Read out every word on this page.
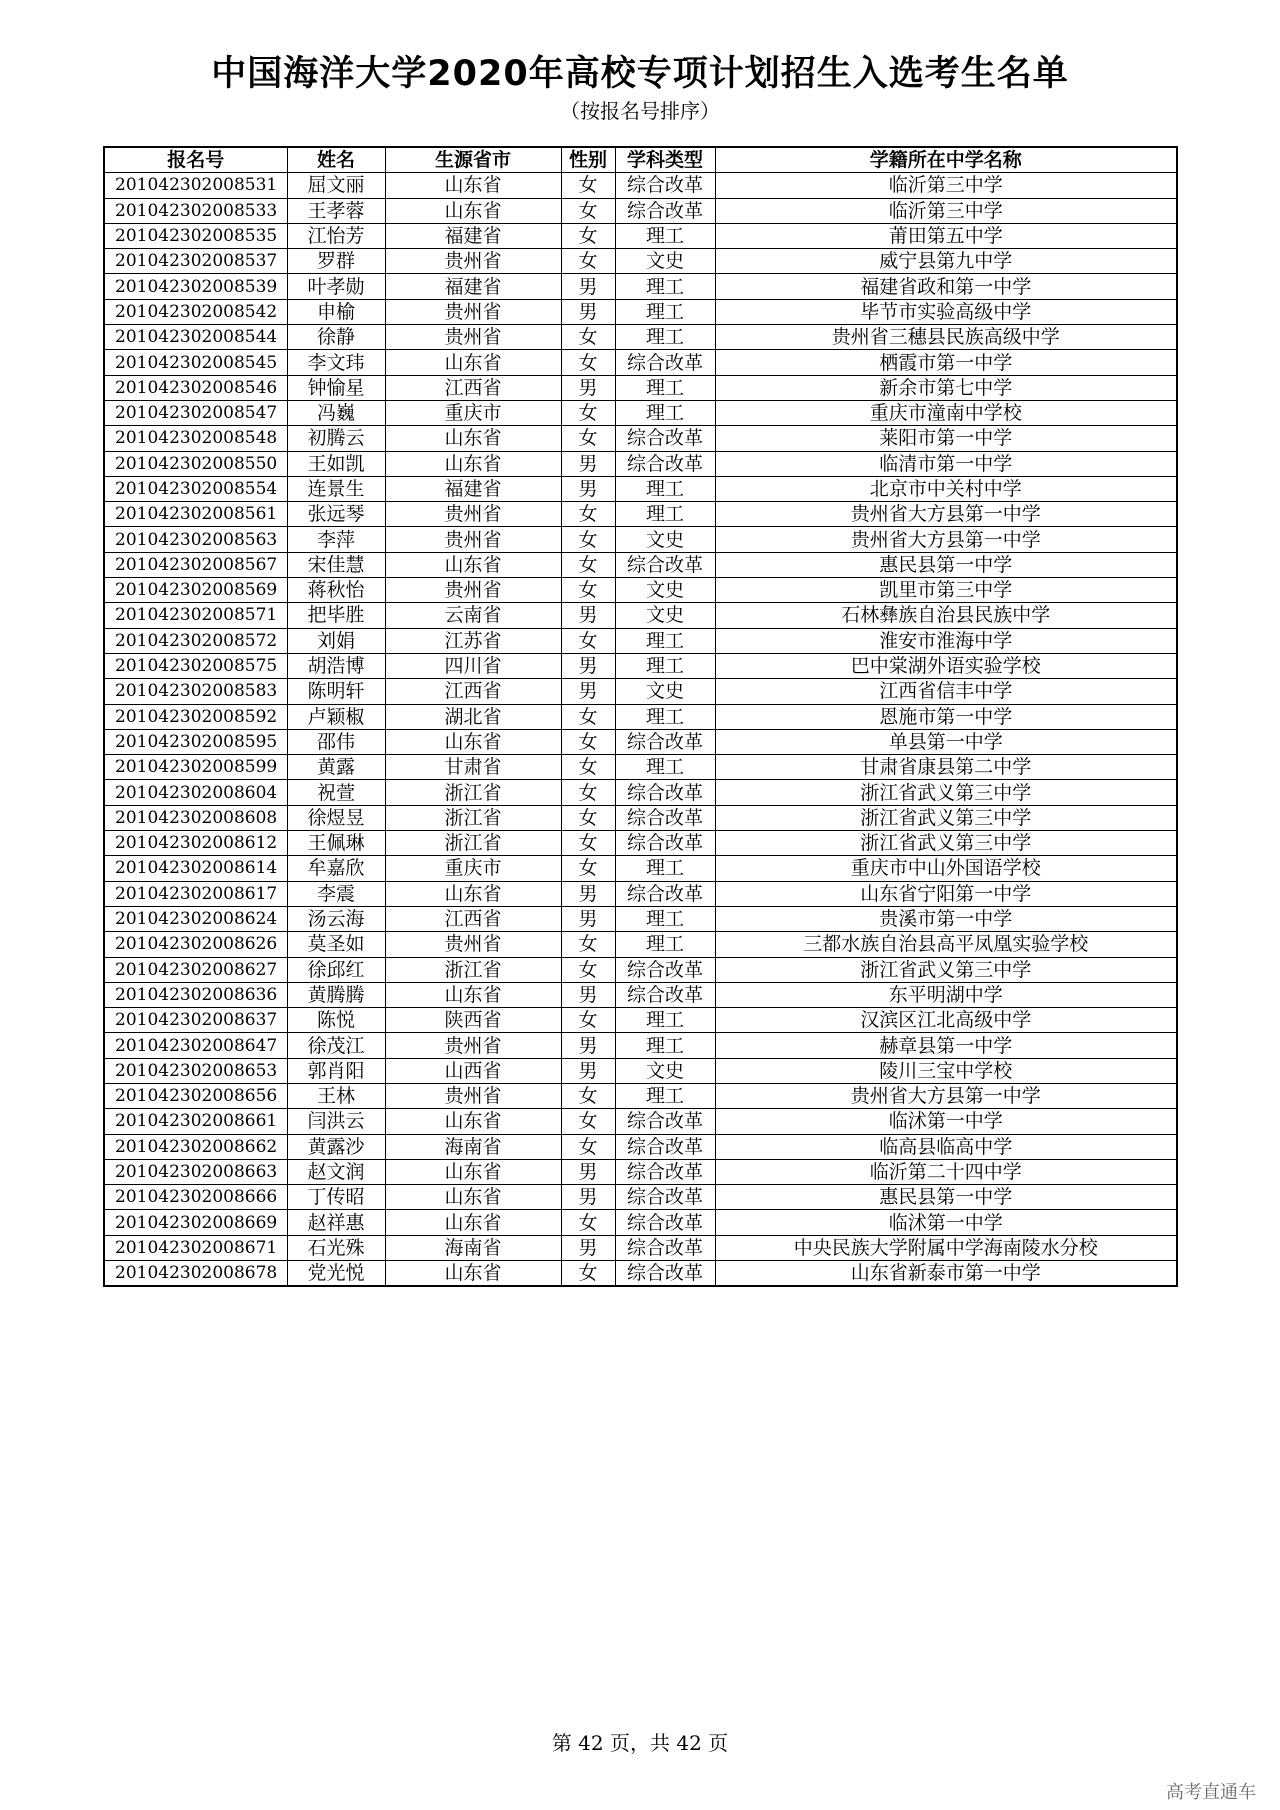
中国海洋大学2020年高校专项计划招生入选考生名单
（按报名号排序）
报名号	姓名	生源省市	性别	学科类型	学籍所在中学名称
201042302008531	屈文丽	山东省	女	综合改革	临沂第三中学
201042302008533	王孝蓉	山东省	女	综合改革	临沂第三中学
201042302008535	江怡芳	福建省	女	理工	莆田第五中学
201042302008537	罗群	贵州省	女	文史	威宁县第九中学
201042302008539	叶孝勋	福建省	男	理工	福建省政和第一中学
201042302008542	申榆	贵州省	男	理工	毕节市实验高级中学
201042302008544	徐静	贵州省	女	理工	贵州省三穗县民族高级中学
201042302008545	李文玮	山东省	女	综合改革	栖霞市第一中学
201042302008546	钟愉星	江西省	男	理工	新余市第七中学
201042302008547	冯巍	重庆市	女	理工	重庆市潼南中学校
201042302008548	初腾云	山东省	女	综合改革	莱阳市第一中学
201042302008550	王如凯	山东省	男	综合改革	临清市第一中学
201042302008554	连景生	福建省	男	理工	北京市中关村中学
201042302008561	张远琴	贵州省	女	理工	贵州省大方县第一中学
201042302008563	李萍	贵州省	女	文史	贵州省大方县第一中学
201042302008567	宋佳慧	山东省	女	综合改革	惠民县第一中学
201042302008569	蒋秋怡	贵州省	女	文史	凯里市第三中学
201042302008571	把毕胜	云南省	男	文史	石林彝族自治县民族中学
201042302008572	刘娟	江苏省	女	理工	淮安市淮海中学
201042302008575	胡浩博	四川省	男	理工	巴中棠湖外语实验学校
201042302008583	陈明轩	江西省	男	文史	江西省信丰中学
201042302008592	卢颖椒	湖北省	女	理工	恩施市第一中学
201042302008595	邵伟	山东省	女	综合改革	单县第一中学
201042302008599	黄露	甘肃省	女	理工	甘肃省康县第二中学
201042302008604	祝萱	浙江省	女	综合改革	浙江省武义第三中学
201042302008608	徐煜昱	浙江省	女	综合改革	浙江省武义第三中学
201042302008612	王佩琳	浙江省	女	综合改革	浙江省武义第三中学
201042302008614	牟嘉欣	重庆市	女	理工	重庆市中山外国语学校
201042302008617	李震	山东省	男	综合改革	山东省宁阳第一中学
201042302008624	汤云海	江西省	男	理工	贵溪市第一中学
201042302008626	莫圣如	贵州省	女	理工	三都水族自治县高平凤凰实验学校
201042302008627	徐邱红	浙江省	女	综合改革	浙江省武义第三中学
201042302008636	黄腾腾	山东省	男	综合改革	东平明湖中学
201042302008637	陈悦	陕西省	女	理工	汉滨区江北高级中学
201042302008647	徐茂江	贵州省	男	理工	赫章县第一中学
201042302008653	郭肖阳	山西省	男	文史	陵川三宝中学校
201042302008656	王林	贵州省	女	理工	贵州省大方县第一中学
201042302008661	闫洪云	山东省	女	综合改革	临沭第一中学
201042302008662	黄露沙	海南省	女	综合改革	临高县临高中学
201042302008663	赵文润	山东省	男	综合改革	临沂第二十四中学
201042302008666	丁传昭	山东省	男	综合改革	惠民县第一中学
201042302008669	赵祥惠	山东省	女	综合改革	临沭第一中学
201042302008671	石光殊	海南省	男	综合改革	中央民族大学附属中学海南陵水分校
201042302008678	党光悦	山东省	女	综合改革	山东省新泰市第一中学
第 42 页，共 42 页
高考直通车
